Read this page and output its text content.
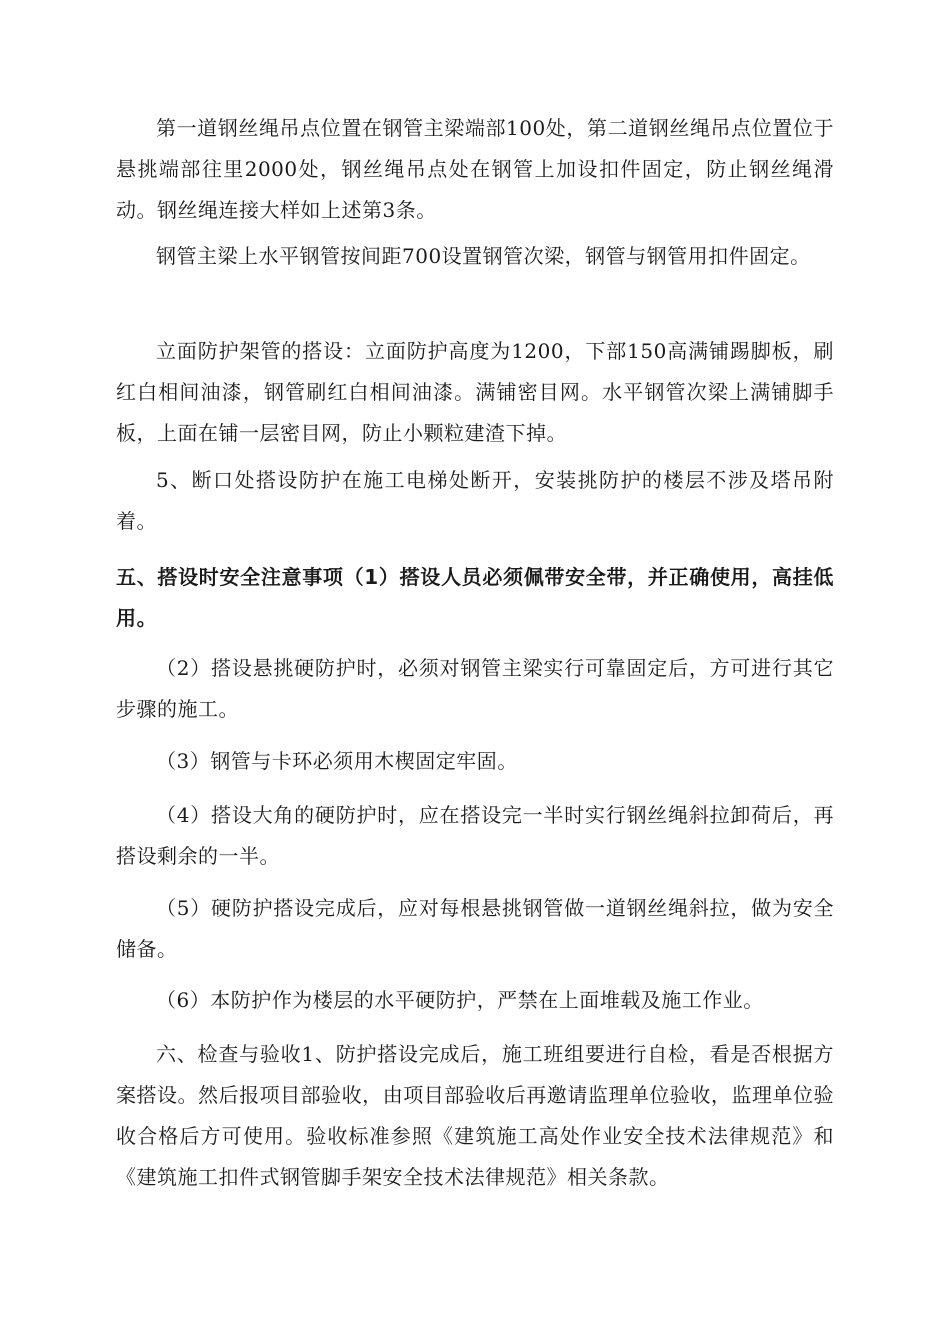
第一道钢丝绳吊点位置在钢管主梁端部100处，第二道钢丝绳吊点位置位于悬挑端部往里2000处，钢丝绳吊点处在钢管上加设扣件固定，防止钢丝绳滑动。钢丝绳连接大样如上述第3条。

钢管主梁上水平钢管按间距700设置钢管次梁，钢管与钢管用扣件固定。

立面防护架管的搭设：立面防护高度为1200，下部150高满铺踢脚板，刷红白相间油漆，钢管刷红白相间油漆。满铺密目网。水平钢管次梁上满铺脚手板，上面在铺一层密目网，防止小颗粒建渣下掉。

5、断口处搭设防护在施工电梯处断开，安装挑防护的楼层不涉及塔吊附着。

五、搭设时安全注意事项（1）搭设人员必须佩带安全带，并正确使用，高挂低用。

（2）搭设悬挑硬防护时，必须对钢管主梁实行可靠固定后，方可进行其它步骤的施工。

（3）钢管与卡环必须用木楔固定牢固。

（4）搭设大角的硬防护时，应在搭设完一半时实行钢丝绳斜拉卸荷后，再搭设剩余的一半。

（5）硬防护搭设完成后，应对每根悬挑钢管做一道钢丝绳斜拉，做为安全储备。

（6）本防护作为楼层的水平硬防护，严禁在上面堆载及施工作业。

六、检查与验收1、防护搭设完成后，施工班组要进行自检，看是否根据方案搭设。然后报项目部验收，由项目部验收后再邀请监理单位验收，监理单位验收合格后方可使用。验收标准参照《建筑施工高处作业安全技术法律规范》和《建筑施工扣件式钢管脚手架安全技术法律规范》相关条款。
